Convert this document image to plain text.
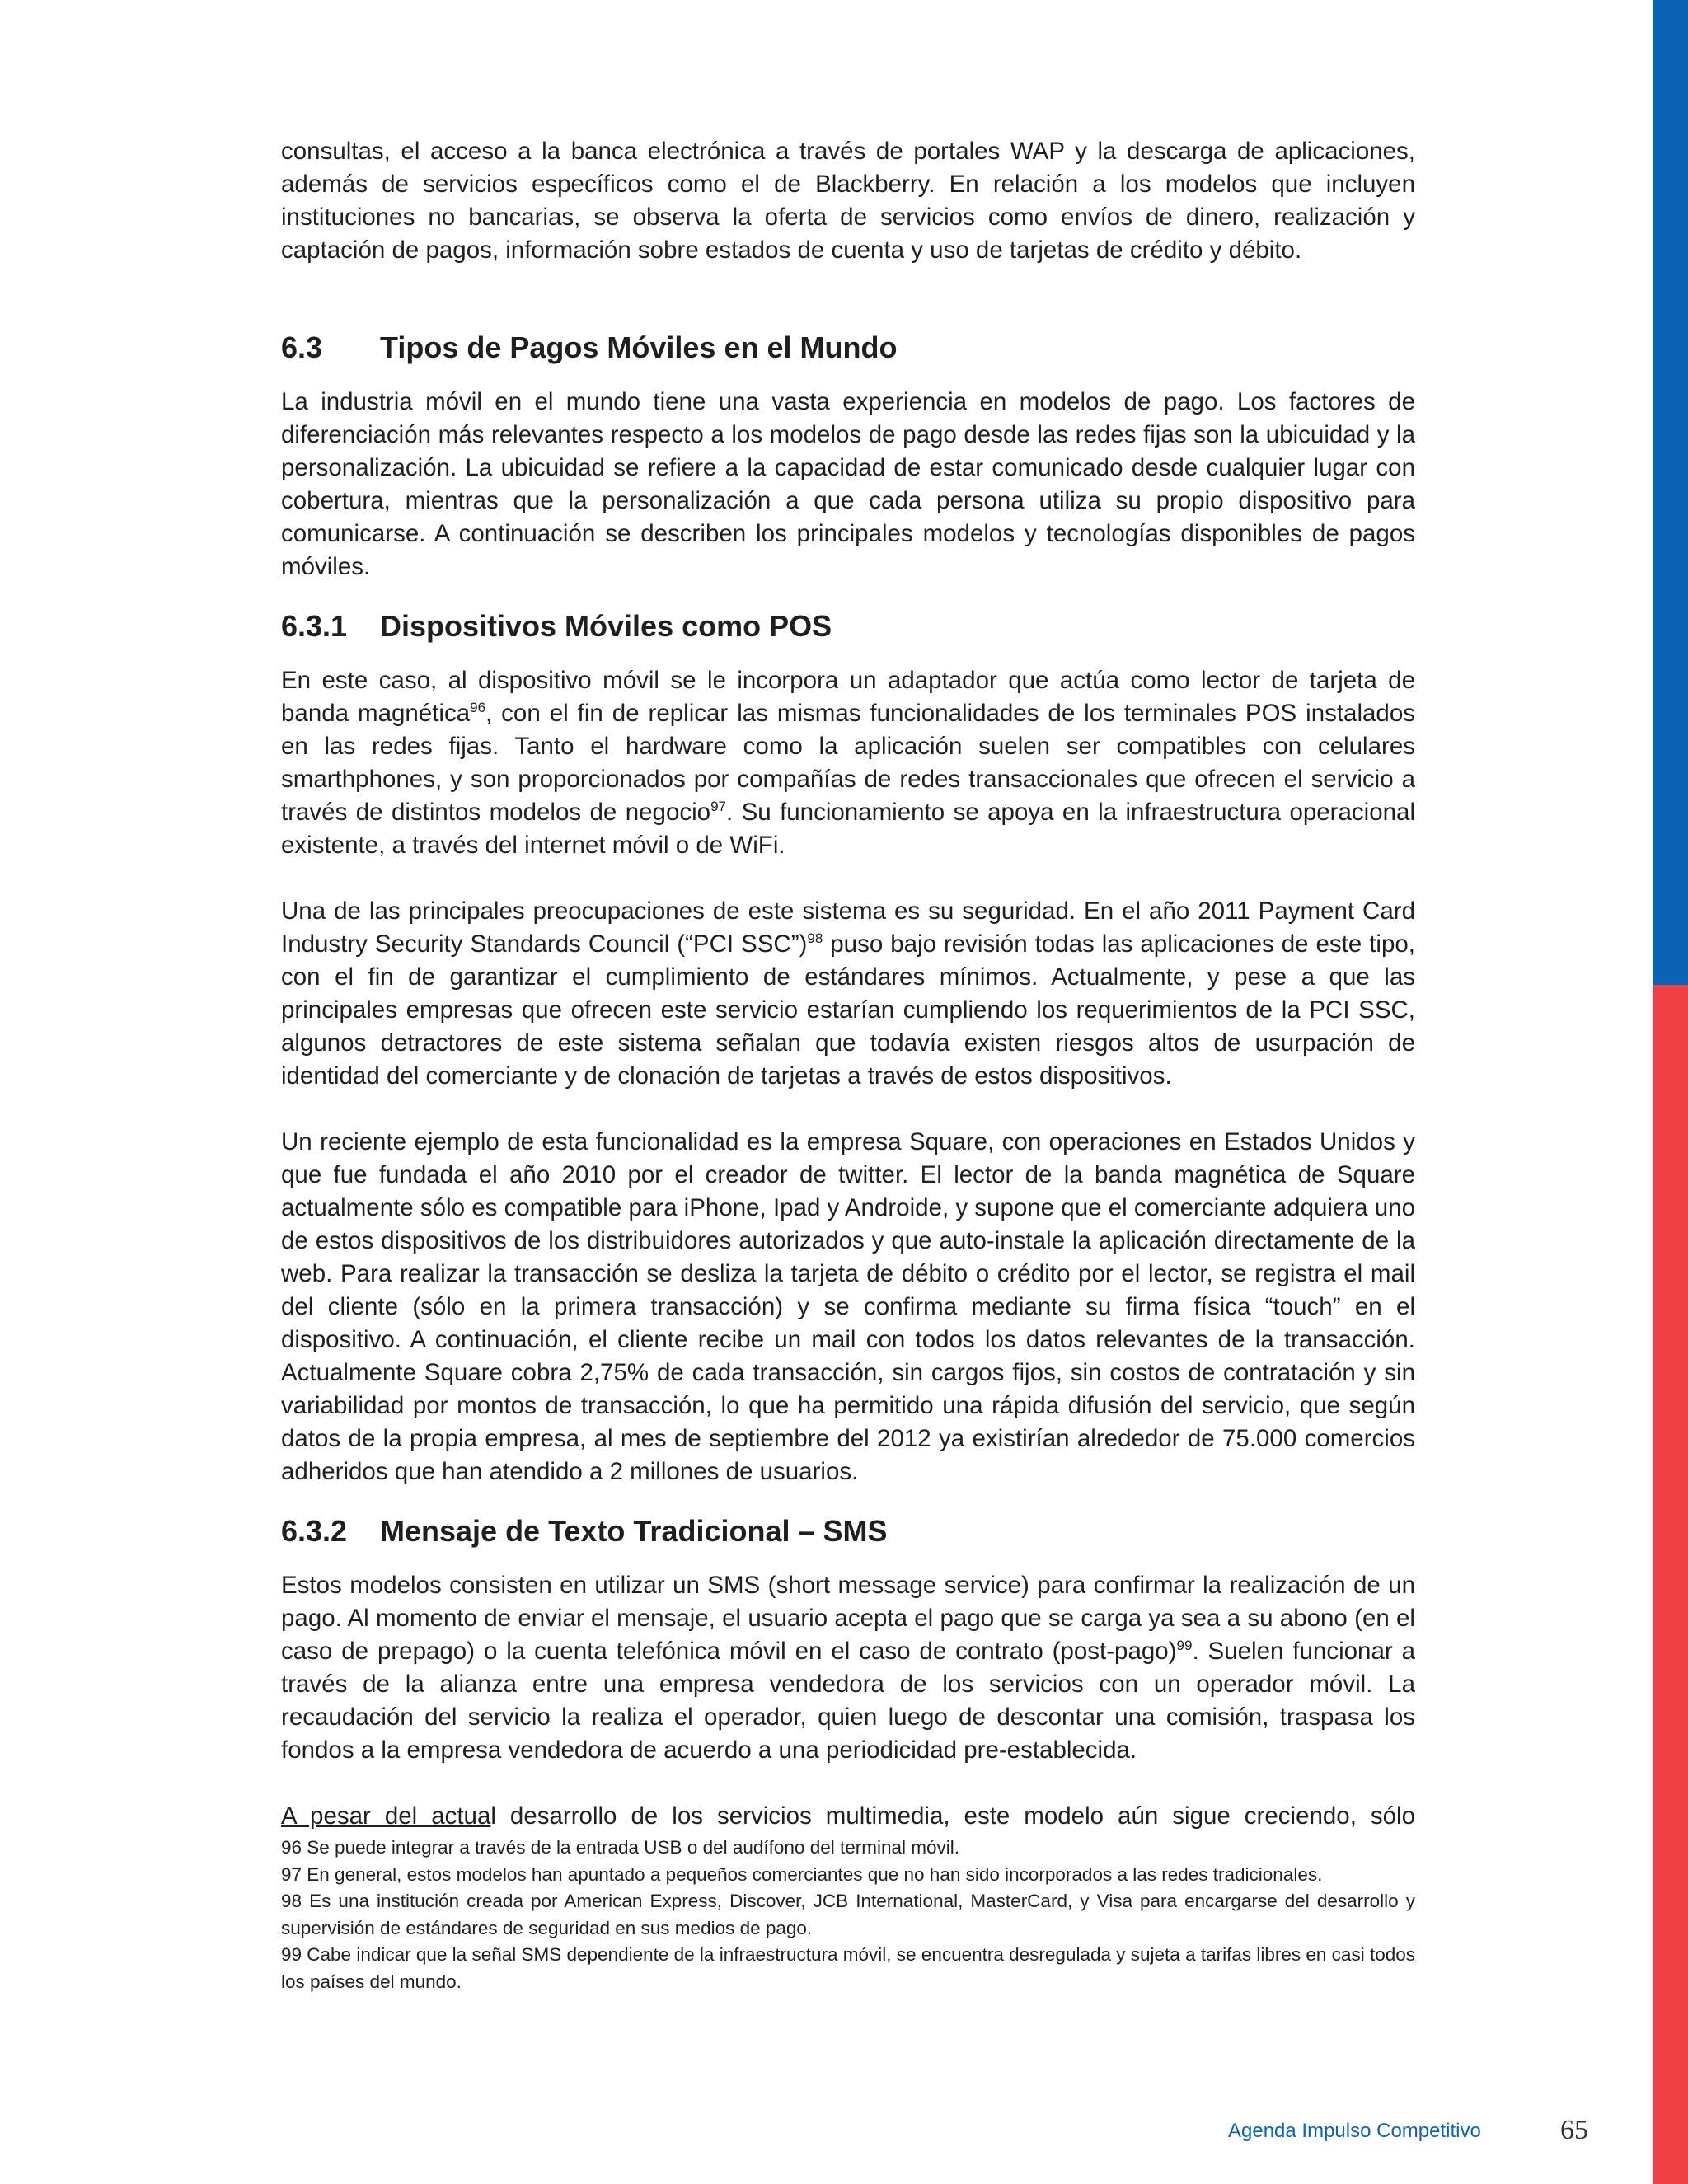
consultas, el acceso a la banca electrónica a través de portales WAP y la descarga de aplicaciones, además de servicios específicos como el de Blackberry. En relación a los modelos que incluyen instituciones no bancarias, se observa la oferta de servicios como envíos de dinero, realización y captación de pagos, información sobre estados de cuenta y uso de tarjetas de crédito y débito.

6.3 Tipos de Pagos Móviles en el Mundo

La industria móvil en el mundo tiene una vasta experiencia en modelos de pago. Los factores de diferenciación más relevantes respecto a los modelos de pago desde las redes fijas son la ubicuidad y la personalización. La ubicuidad se refiere a la capacidad de estar comunicado desde cualquier lugar con cobertura, mientras que la personalización a que cada persona utiliza su propio dispositivo para comunicarse. A continuación se describen los principales modelos y tecnologías disponibles de pagos móviles.

6.3.1 Dispositivos Móviles como POS

En este caso, al dispositivo móvil se le incorpora un adaptador que actúa como lector de tarjeta de banda magnética$^{96}$, con el fin de replicar las mismas funcionalidades de los terminales POS instalados en las redes fijas. Tanto el hardware como la aplicación suelen ser compatibles con celulares smarthphones, y son proporcionados por compañías de redes transaccionales que ofrecen el servicio a través de distintos modelos de negocio$^{97}$. Su funcionamiento se apoya en la infraestructura operacional existente, a través del internet móvil o de WiFi.

Una de las principales preocupaciones de este sistema es su seguridad. En el año 2011 Payment Card Industry Security Standards Council (“PCI SSC”)$^{98}$ puso bajo revisión todas las aplicaciones de este tipo, con el fin de garantizar el cumplimiento de estándares mínimos. Actualmente, y pese a que las principales empresas que ofrecen este servicio estarían cumpliendo los requerimientos de la PCI SSC, algunos detractores de este sistema señalan que todavía existen riesgos altos de usurpación de identidad del comerciante y de clonación de tarjetas a través de estos dispositivos.

Un reciente ejemplo de esta funcionalidad es la empresa Square, con operaciones en Estados Unidos y que fue fundada el año 2010 por el creador de twitter. El lector de la banda magnética de Square actualmente sólo es compatible para iPhone, Ipad y Androide, y supone que el comerciante adquiera uno de estos dispositivos de los distribuidores autorizados y que auto-instale la aplicación directamente de la web. Para realizar la transacción se desliza la tarjeta de débito o crédito por el lector, se registra el mail del cliente (sólo en la primera transacción) y se confirma mediante su firma física “touch” en el dispositivo. A continuación, el cliente recibe un mail con todos los datos relevantes de la transacción. Actualmente Square cobra 2,75% de cada transacción, sin cargos fijos, sin costos de contratación y sin variabilidad por montos de transacción, lo que ha permitido una rápida difusión del servicio, que según datos de la propia empresa, al mes de septiembre del 2012 ya existirían alrededor de 75.000 comercios adheridos que han atendido a 2 millones de usuarios.

6.3.2 Mensaje de Texto Tradicional – SMS

Estos modelos consisten en utilizar un SMS (short message service) para confirmar la realización de un pago. Al momento de enviar el mensaje, el usuario acepta el pago que se carga ya sea a su abono (en el caso de prepago) o la cuenta telefónica móvil en el caso de contrato (post-pago)$^{99}$. Suelen funcionar a través de la alianza entre una empresa vendedora de los servicios con un operador móvil. La recaudación del servicio la realiza el operador, quien luego de descontar una comisión, traspasa los fondos a la empresa vendedora de acuerdo a una periodicidad pre-establecida.

A pesar del actual desarrollo de los servicios multimedia, este modelo aún sigue creciendo, sólo

96 Se puede integrar a través de la entrada USB o del audífono del terminal móvil.

97 En general, estos modelos han apuntado a pequeños comerciantes que no han sido incorporados a las redes tradicionales.

98 Es una institución creada por American Express, Discover, JCB International, MasterCard, y Visa para encargarse del desarrollo y supervisión de estándares de seguridad en sus medios de pago.

99 Cabe indicar que la señal SMS dependiente de la infraestructura móvil, se encuentra desregulada y sujeta a tarifas libres en casi todos los países del mundo.

Agenda Impulso Competitivo	65
